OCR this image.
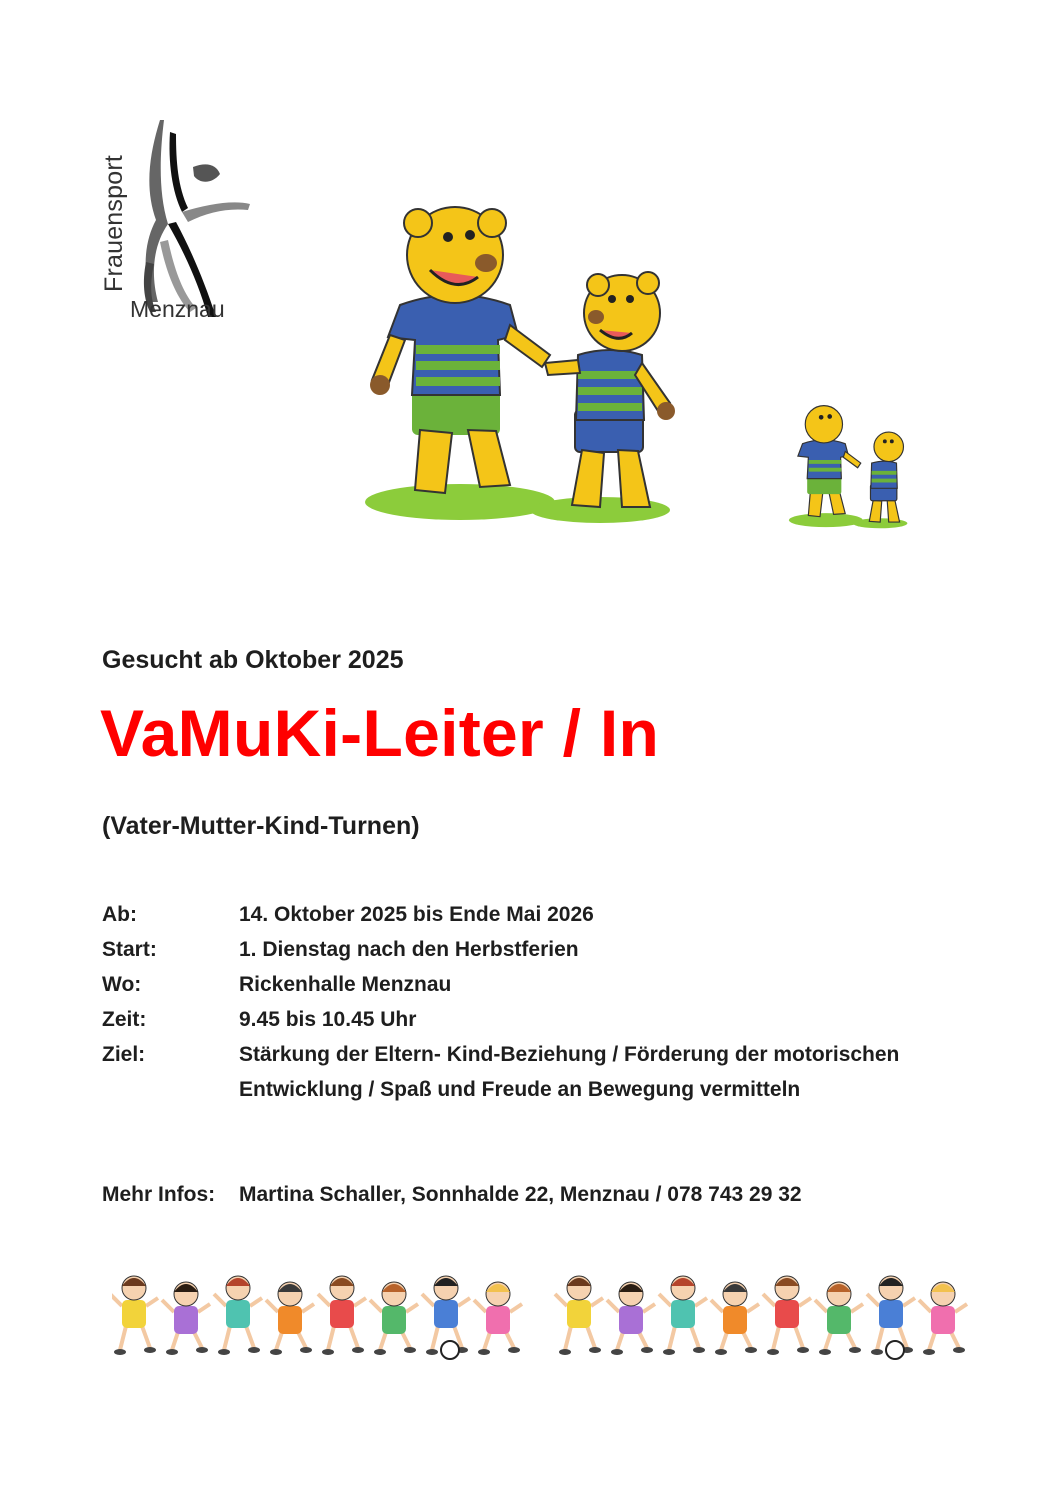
Frauensport
Menznau
Gesucht ab Oktober 2025
VaMuKi-Leiter / In
(Vater-Mutter-Kind-Turnen)
Ab:	14. Oktober 2025 bis Ende Mai 2026
Start:	1. Dienstag nach den Herbstferien
Wo:	Rickenhalle Menznau
Zeit:	9.45 bis 10.45 Uhr
Ziel:	Stärkung der Eltern- Kind-Beziehung / Förderung der motorischen Entwicklung / Spaß und Freude an Bewegung vermitteln
Mehr Infos:	Martina Schaller, Sonnhalde 22, Menznau / 078 743 29 32
